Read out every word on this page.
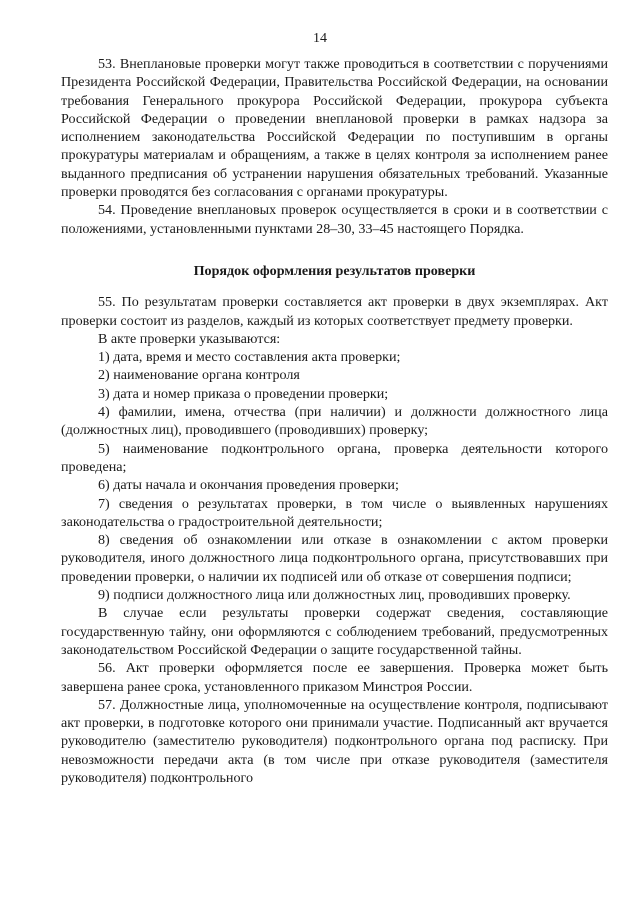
14

53. Внеплановые проверки могут также проводиться в соответствии с поручениями Президента Российской Федерации, Правительства Российской Федерации, на основании требования Генерального прокурора Российской Федерации, прокурора субъекта Российской Федерации о проведении внеплановой проверки в рамках надзора за исполнением законодательства Российской Федерации по поступившим в органы прокуратуры материалам и обращениям, а также в целях контроля за исполнением ранее выданного предписания об устранении нарушения обязательных требований. Указанные проверки проводятся без согласования с органами прокуратуры.

54. Проведение внеплановых проверок осуществляется в сроки и в соответствии с положениями, установленными пунктами 28–30, 33–45 настоящего Порядка.

Порядок оформления результатов проверки

55. По результатам проверки составляется акт проверки в двух экземплярах. Акт проверки состоит из разделов, каждый из которых соответствует предмету проверки.

В акте проверки указываются:

1) дата, время и место составления акта проверки;

2) наименование органа контроля

3) дата и номер приказа о проведении проверки;

4) фамилии, имена, отчества (при наличии) и должности должностного лица (должностных лиц), проводившего (проводивших) проверку;

5) наименование подконтрольного органа, проверка деятельности которого проведена;

6) даты начала и окончания проведения проверки;

7) сведения о результатах проверки, в том числе о выявленных нарушениях законодательства о градостроительной деятельности;

8) сведения об ознакомлении или отказе в ознакомлении с актом проверки руководителя, иного должностного лица подконтрольного органа, присутствовавших при проведении проверки, о наличии их подписей или об отказе от совершения подписи;

9) подписи должностного лица или должностных лиц, проводивших проверку.

В случае если результаты проверки содержат сведения, составляющие государственную тайну, они оформляются с соблюдением требований, предусмотренных законодательством Российской Федерации о защите государственной тайны.

56. Акт проверки оформляется после ее завершения. Проверка может быть завершена ранее срока, установленного приказом Минстроя России.

57. Должностные лица, уполномоченные на осуществление контроля, подписывают акт проверки, в подготовке которого они принимали участие. Подписанный акт вручается руководителю (заместителю руководителя) подконтрольного органа под расписку. При невозможности передачи акта (в том числе при отказе руководителя (заместителя руководителя) подконтрольного
